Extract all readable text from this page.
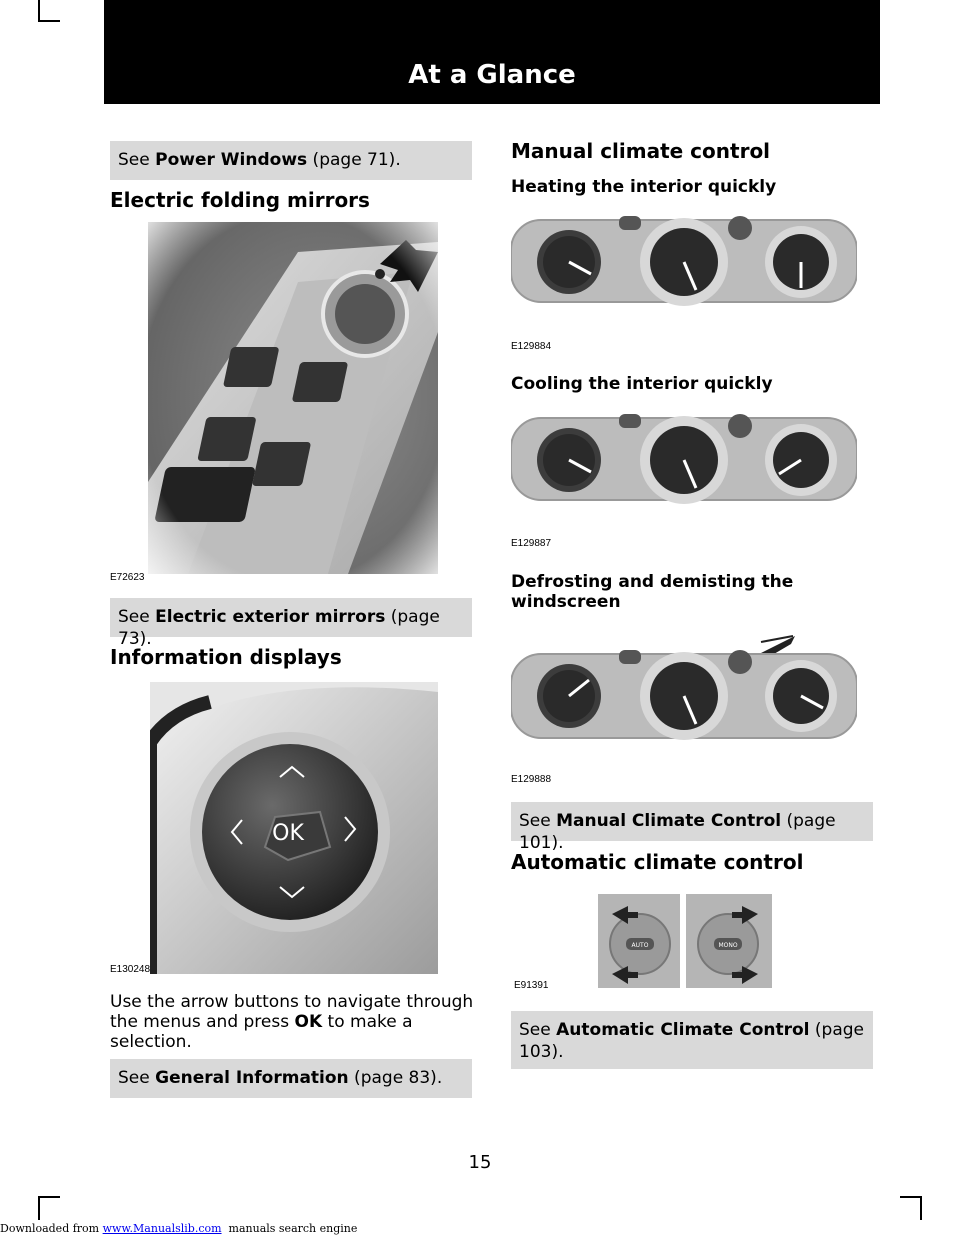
At a Glance
See Power Windows (page 71).
Electric folding mirrors
E72623
See Electric exterior mirrors (page 73).
Information displays
OK
E130248
Use the arrow buttons to navigate through
the menus and press OK to make a
selection.
See General Information (page 83).
Manual climate control
Heating the interior quickly
E129884
Cooling the interior quickly
E129887
Defrosting and demisting the
windscreen
E129888
See Manual Climate Control (page 101).
Automatic climate control
AUTO	MONO
E91391
See Automatic Climate Control (page
103).
15
Downloaded from www.Manualslib.com  manuals search engine
